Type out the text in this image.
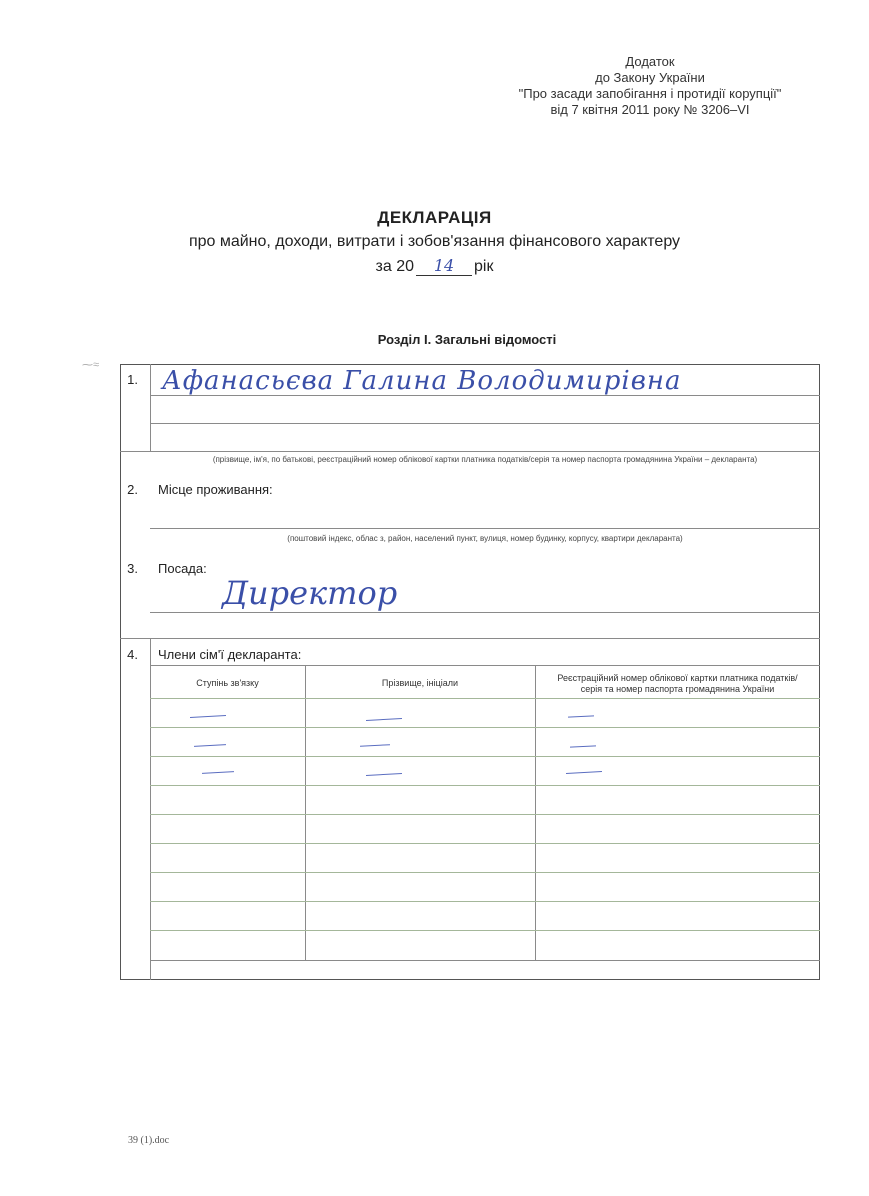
Додаток
до Закону України
"Про засади запобігання і протидії корупції"
від 7 квітня 2011 року № 3206–VI
ДЕКЛАРАЦІЯ
про майно, доходи, витрати і зобов'язання фінансового характеру
за 20 14 рік
Розділ I. Загальні відомості
⁓≈
1. Афанасьєва Галина Володимирівна
(прізвище, ім'я, по батькові, реєстраційний номер облікової картки платника податків/серія та номер паспорта громадянина України – декларанта)
2. Місце проживання:
(поштовий індекс, облас з, район, населений пункт, вулиця, номер будинку, корпусу, квартири декларанта)
3. Посада:
Директор
4. Члени сім'ї декларанта:
Ступінь зв'язку	Прізвище, ініціали	Реєстраційний номер облікової картки платника податків/
серія та номер паспорта громадянина України
39 (1).doc
